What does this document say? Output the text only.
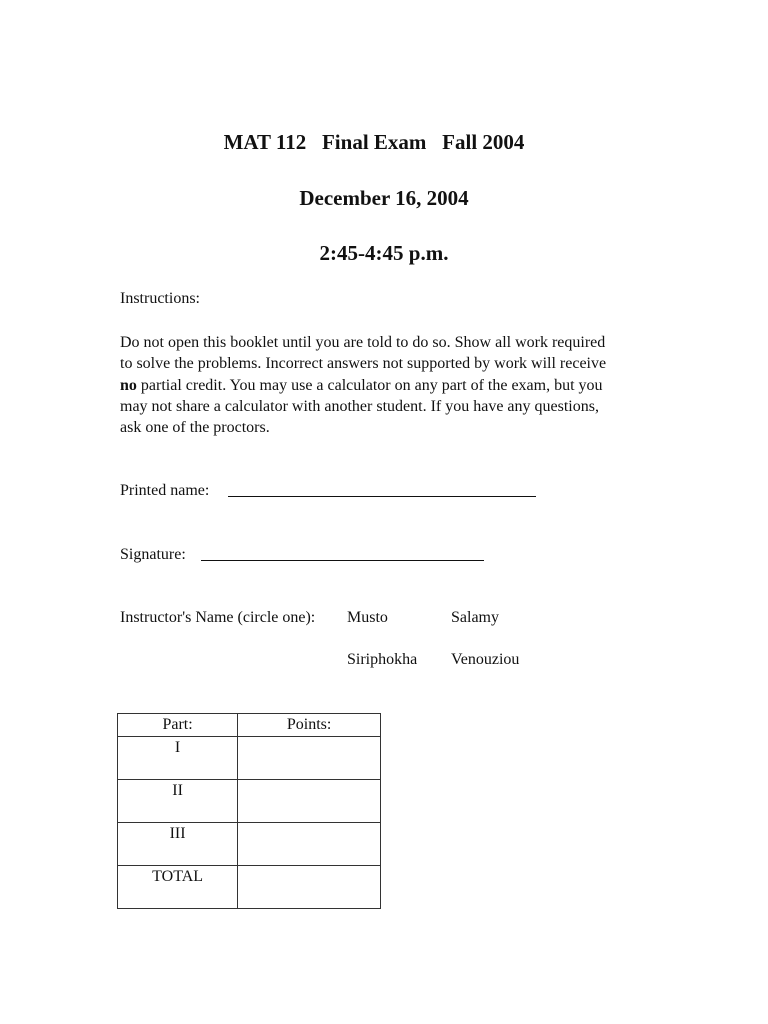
MAT 112   Final Exam   Fall 2004
December 16, 2004
2:45-4:45 p.m.
Instructions:
Do not open this booklet until you are told to do so. Show all work required to solve the problems. Incorrect answers not supported by work will receive no partial credit. You may use a calculator on any part of the exam, but you may not share a calculator with another student. If you have any questions, ask one of the proctors.
Printed name:
Signature:
Instructor's Name (circle one): Musto	Salamy
Siriphokha Venouziou
Part:	Points:
I	
II	
III	
TOTAL	
